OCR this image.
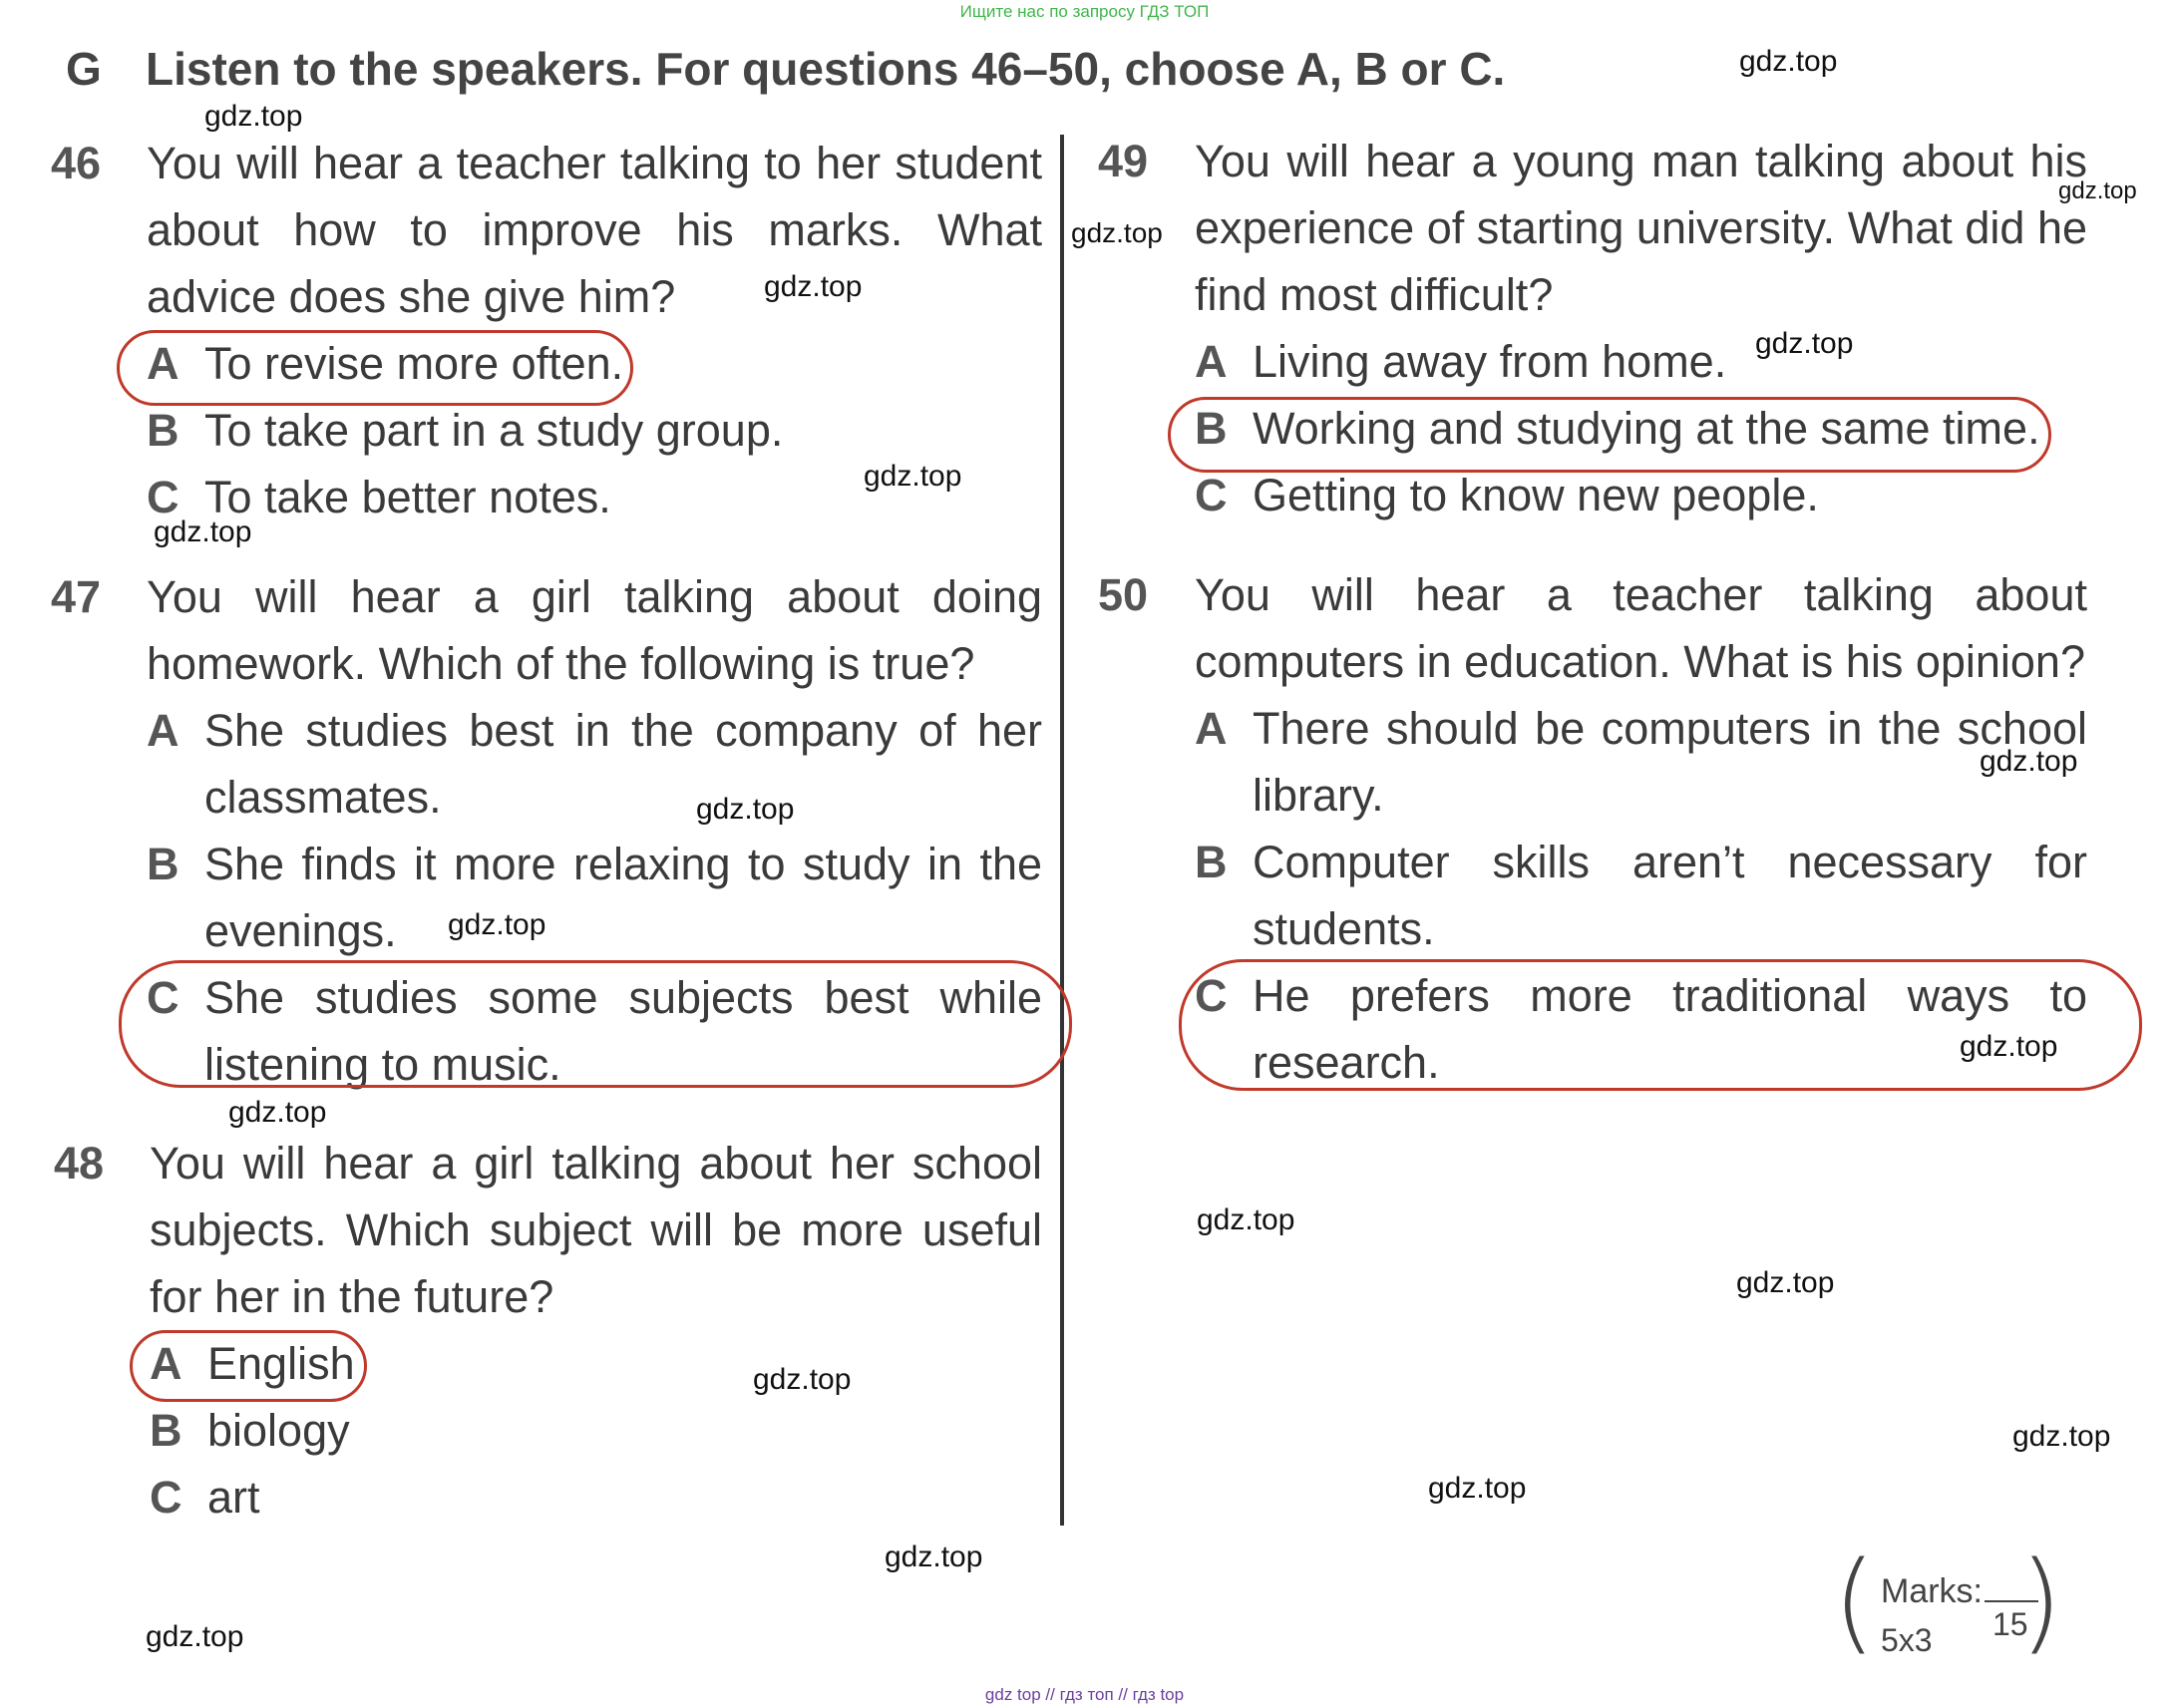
Ищите нас по запросу ГДЗ ТОП
G Listen to the speakers. For questions 46–50, choose A, B or C.
46 You will hear a teacher talking to her student about how to improve his marks. What advice does she give him?
A To revise more often.
B To take part in a study group.
C To take better notes.
47 You will hear a girl talking about doing homework. Which of the following is true?
A She studies best in the company of her classmates.
B She finds it more relaxing to study in the evenings.
C She studies some subjects best while listening to music.
48 You will hear a girl talking about her school subjects. Which subject will be more useful for her in the future?
A English
B biology
C art
49 You will hear a young man talking about his experience of starting university. What did he find most difficult?
A Living away from home.
B Working and studying at the same time.
C Getting to know new people.
50 You will hear a teacher talking about computers in education. What is his opinion?
A There should be computers in the school library.
B Computer skills aren’t necessary for students.
C He prefers more traditional ways to research.
gdz.top
gdz.top
gdz.top
gdz.top
gdz.top
gdz.top
gdz.top
gdz.top
gdz.top
gdz.top
gdz.top
gdz.top
gdz.top
gdz.top
gdz.top
gdz.top
gdz.top
gdz.top
gdz.top
gdz.top	( Marks:
15
5x3 )
gdz top // гдз топ // гдз top
